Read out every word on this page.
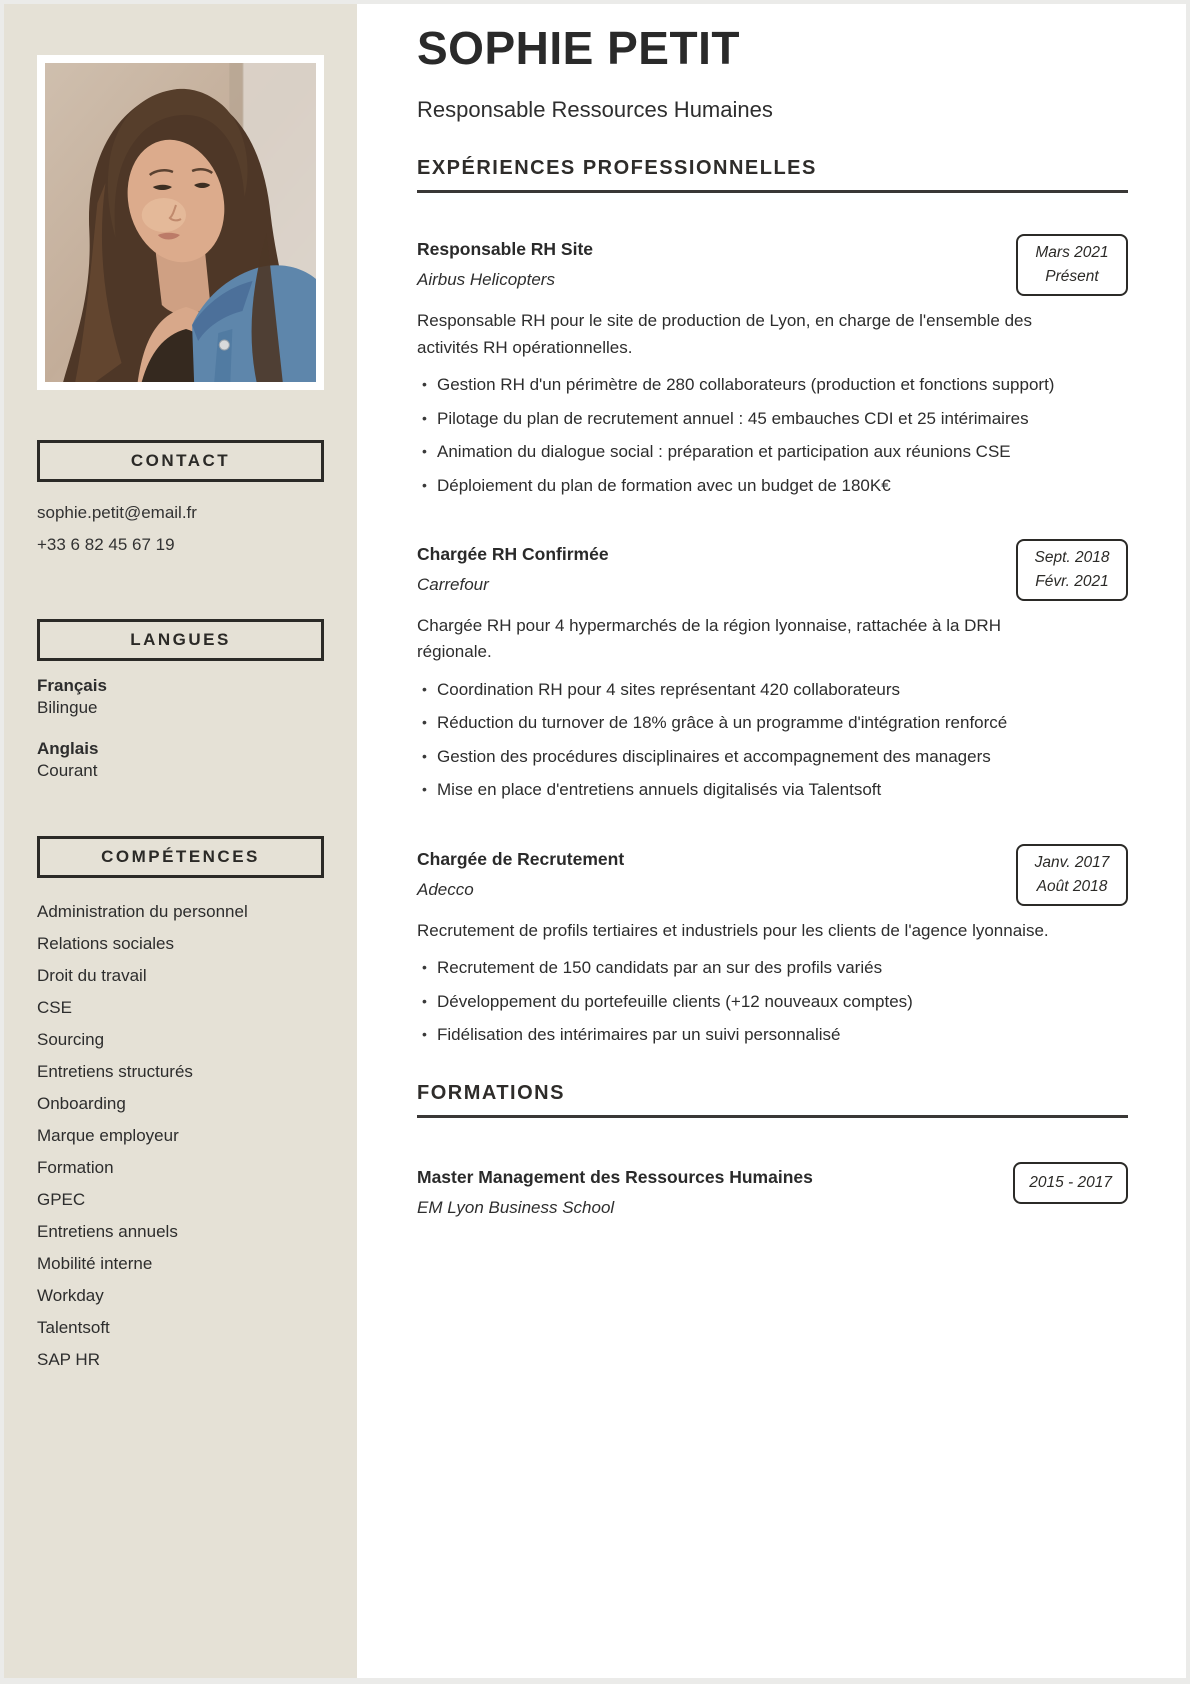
CONTACT
sophie.petit@email.fr
+33 6 82 45 67 19
LANGUES
Français
Bilingue
Anglais
Courant
COMPÉTENCES
Administration du personnel
Relations sociales
Droit du travail
CSE
Sourcing
Entretiens structurés
Onboarding
Marque employeur
Formation
GPEC
Entretiens annuels
Mobilité interne
Workday
Talentsoft
SAP HR
SOPHIE PETIT
Responsable Ressources Humaines
EXPÉRIENCES PROFESSIONNELLES
Responsable RH Site
Airbus Helicopters
Mars 2021
Présent

Responsable RH pour le site de production de Lyon, en charge de l'ensemble des activités RH opérationnelles.

• Gestion RH d'un périmètre de 280 collaborateurs (production et fonctions support)
• Pilotage du plan de recrutement annuel : 45 embauches CDI et 25 intérimaires
• Animation du dialogue social : préparation et participation aux réunions CSE
• Déploiement du plan de formation avec un budget de 180K€
Chargée RH Confirmée
Carrefour
Sept. 2018
Févr. 2021

Chargée RH pour 4 hypermarchés de la région lyonnaise, rattachée à la DRH régionale.

• Coordination RH pour 4 sites représentant 420 collaborateurs
• Réduction du turnover de 18% grâce à un programme d'intégration renforcé
• Gestion des procédures disciplinaires et accompagnement des managers
• Mise en place d'entretiens annuels digitalisés via Talentsoft
Chargée de Recrutement
Adecco
Janv. 2017
Août 2018

Recrutement de profils tertiaires et industriels pour les clients de l'agence lyonnaise.

• Recrutement de 150 candidats par an sur des profils variés
• Développement du portefeuille clients (+12 nouveaux comptes)
• Fidélisation des intérimaires par un suivi personnalisé
FORMATIONS
Master Management des Ressources Humaines
EM Lyon Business School
2015 - 2017
